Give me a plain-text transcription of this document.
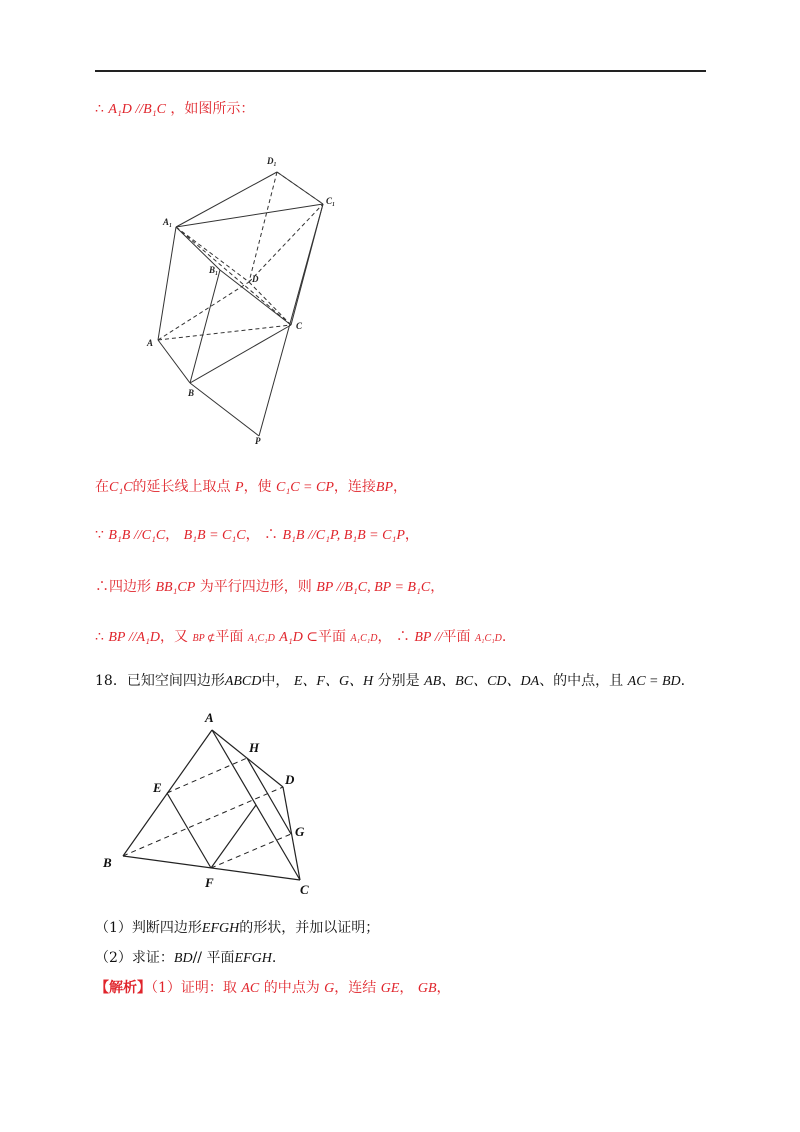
∴ A₁D //B₁C ，如图所示：
D₁
C₁
A₁
B₁
D
C
A
B
P
在C₁C的延长线上取点 P，使 C₁C = CP，连接BP，
∵ B₁B //C₁C， B₁B = C₁C， ∴ B₁B //C₁P, B₁B = C₁P，
∴四边形 BB₁CP 为平行四边形，则 BP //B₁C, BP = B₁C，
∴ BP //A₁D，又 BP ⊄平面 A₁C₁D A₁D ⊂平面 A₁C₁D， ∴ BP //平面 A₁C₁D.
18．已知空间四边形ABCD中， E、F、G、H 分别是 AB、BC、CD、DA、的中点，且 AC = BD.
A
H
D
E
G
B
F	C
（1）判断四边形EFGH的形状，并加以证明；
（2）求证：BD// 平面EFGH.
【解析】（1）证明：取 AC 的中点为 G，连结 GE， GB，
